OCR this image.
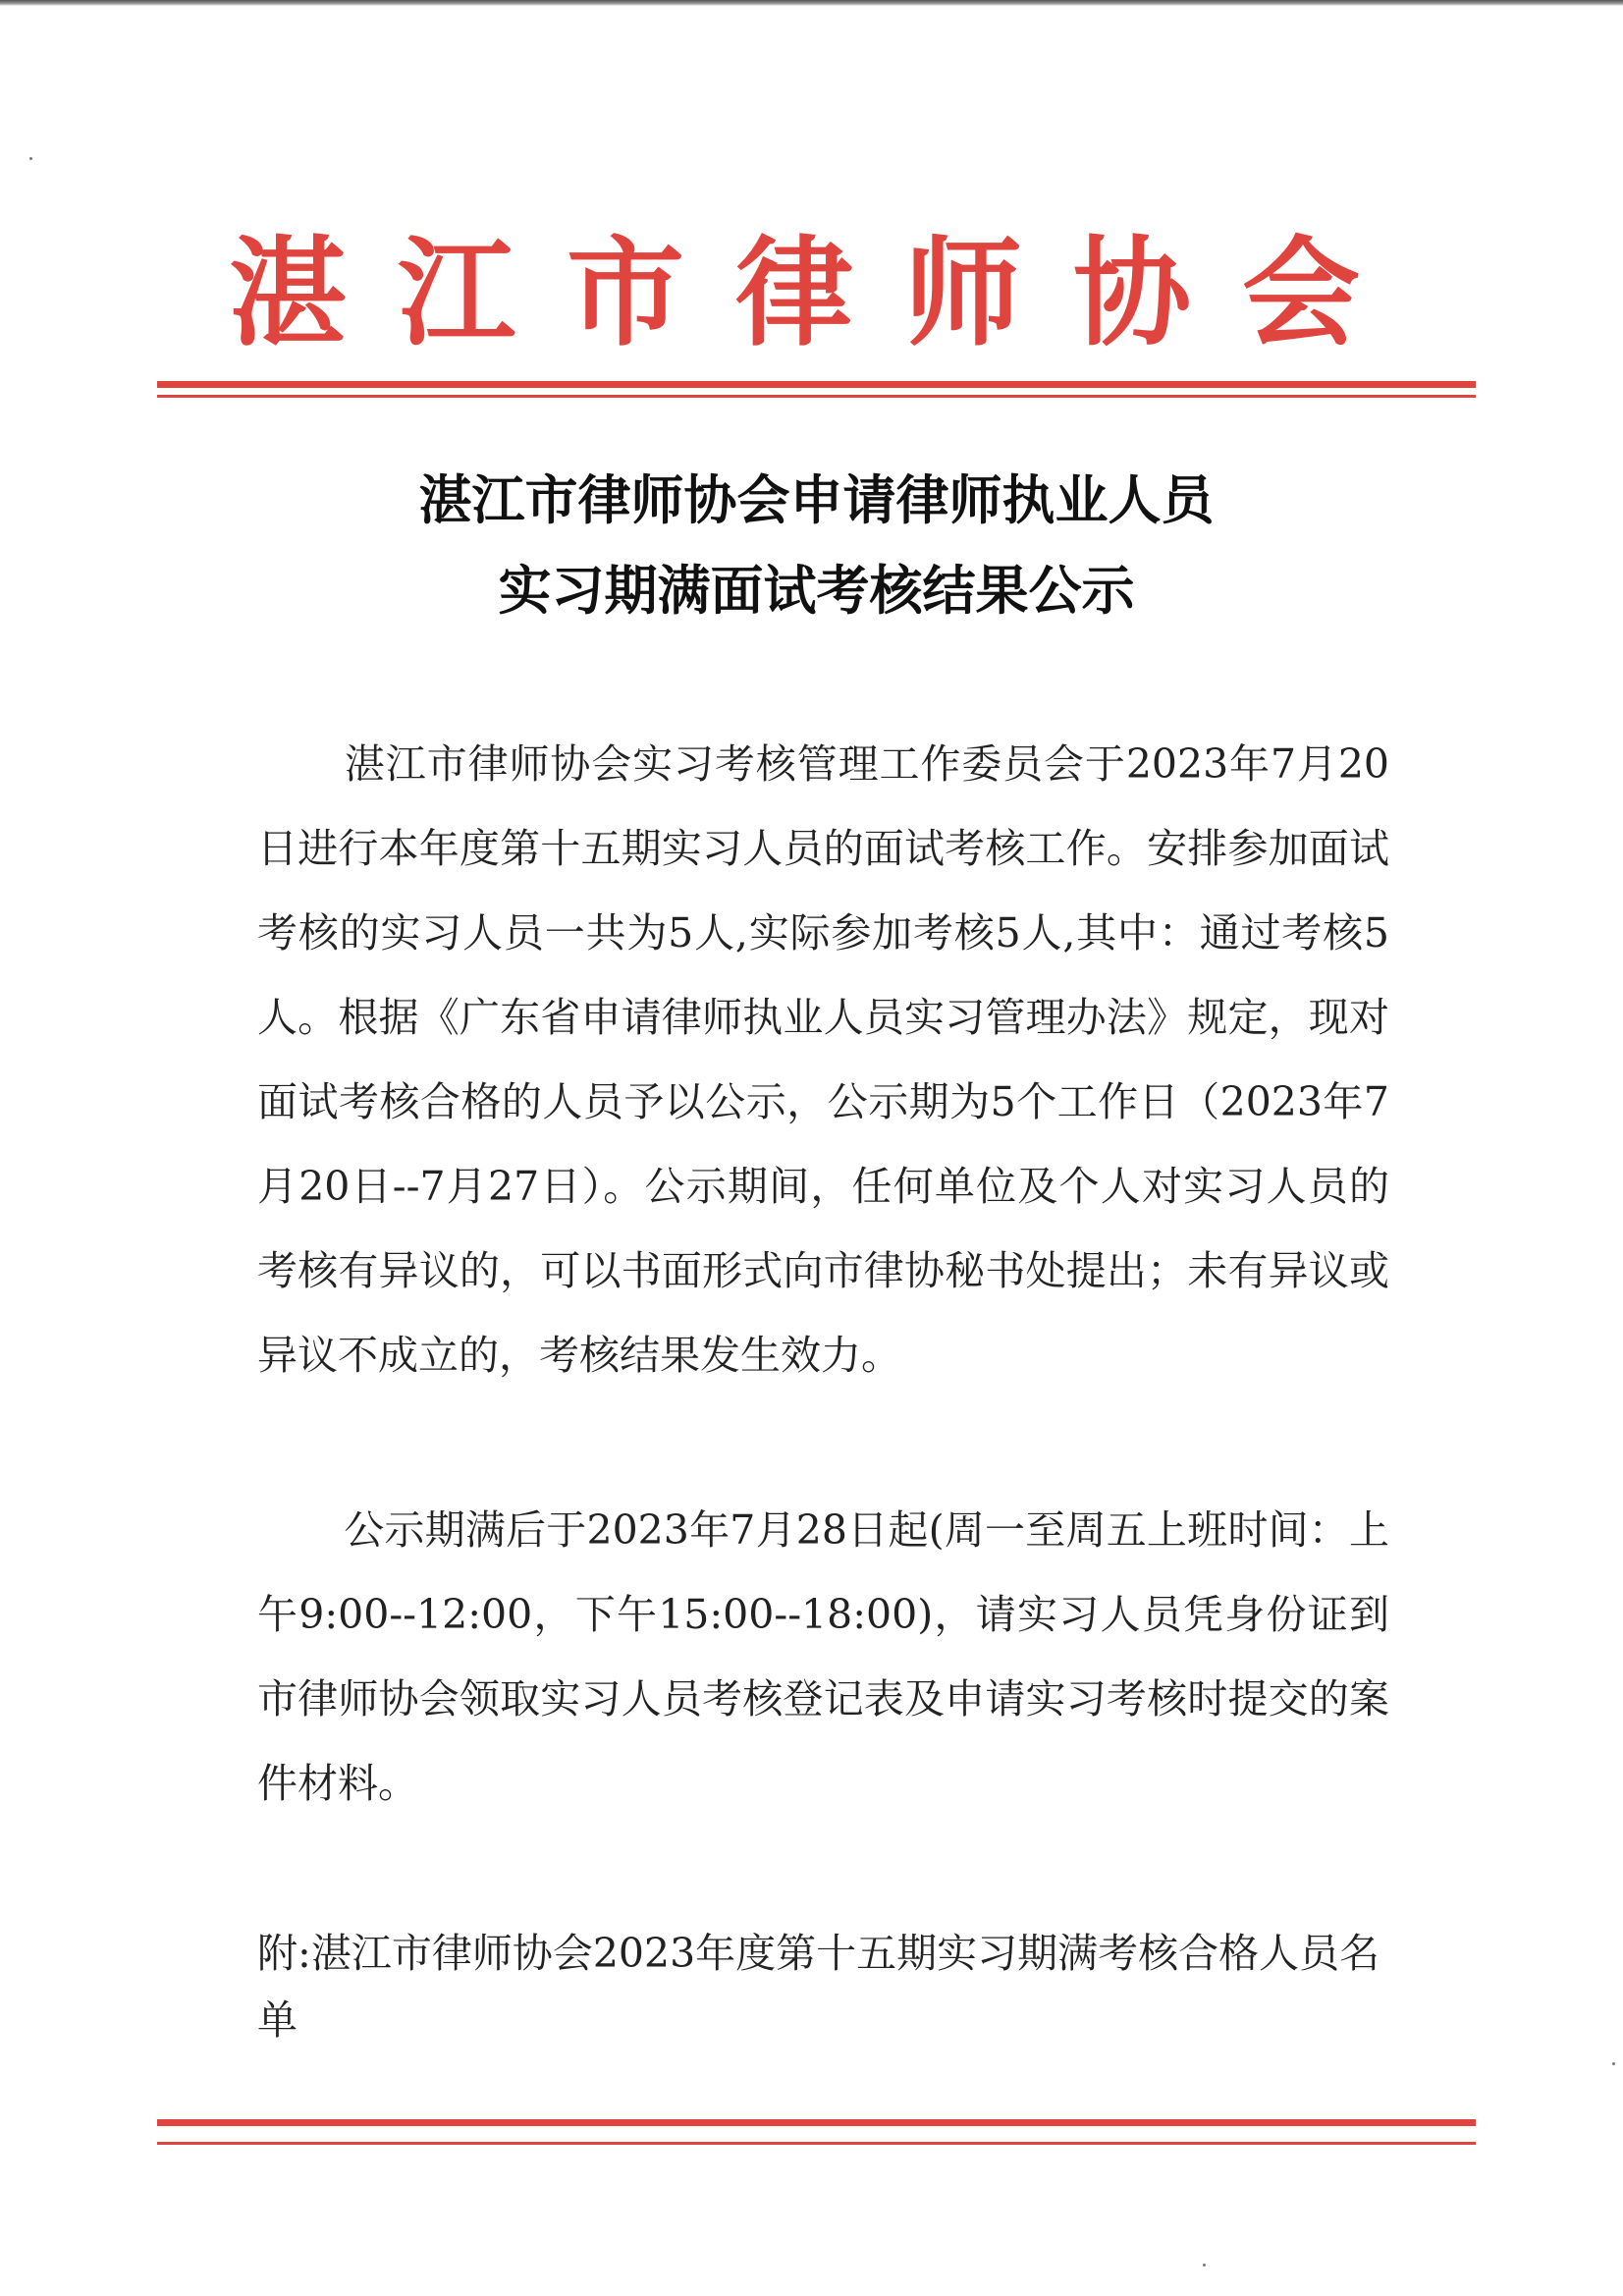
湛江市律师协会
湛江市律师协会申请律师执业人员
实习期满面试考核结果公示
湛江市律师协会实习考核管理工作委员会于2023年7月20日进行本年度第十五期实习人员的面试考核工作。安排参加面试考核的实习人员一共为5人,实际参加考核5人,其中：通过考核5人。根据《广东省申请律师执业人员实习管理办法》规定，现对面试考核合格的人员予以公示，公示期为5个工作日（2023年7月20日--7月27日）。公示期间，任何单位及个人对实习人员的考核有异议的，可以书面形式向市律协秘书处提出；未有异议或异议不成立的，考核结果发生效力。
公示期满后于2023年7月28日起(周一至周五上班时间：上午9:00--12:00，下午15:00--18:00)，请实习人员凭身份证到市律师协会领取实习人员考核登记表及申请实习考核时提交的案件材料。
附:湛江市律师协会2023年度第十五期实习期满考核合格人员名单
